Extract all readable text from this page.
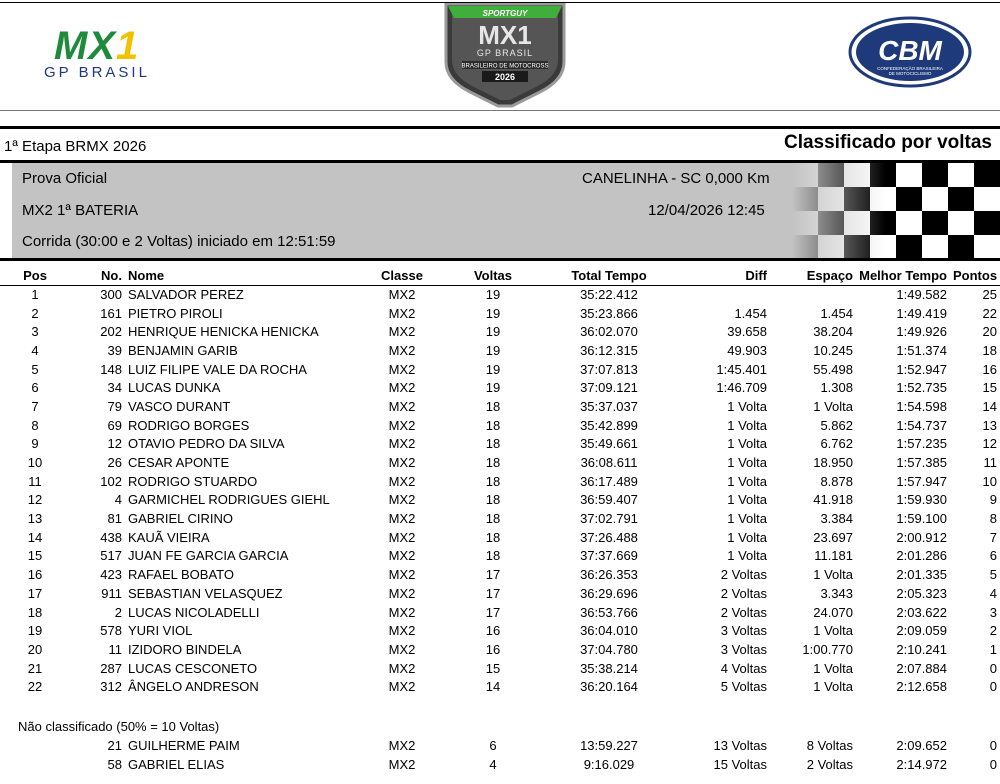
MX1
GP BRASIL
SPORTGUY
MX1
GP BRASIL
BRASILEIRO DE MOTOCROSS
2026
CBM
CONFEDERAÇÃO BRASILEIRA
DE MOTOCICLISMO
1ª Etapa BRMX 2026	Classificado por voltas
Prova Oficial	CANELINHA - SC 0,000 Km
MX2 1ª BATERIA	12/04/2026 12:45
Corrida (30:00 e 2 Voltas) iniciado em 12:51:59
Pos	No.	Nome	Classe	Voltas	Total Tempo	Diff	Espaço	Melhor Tempo	Pontos
1	300	SALVADOR PEREZ	MX2	19	35:22.412			1:49.582	25
2	161	PIETRO PIROLI	MX2	19	35:23.866	1.454	1.454	1:49.419	22
3	202	HENRIQUE HENICKA HENICKA	MX2	19	36:02.070	39.658	38.204	1:49.926	20
4	39	BENJAMIN GARIB	MX2	19	36:12.315	49.903	10.245	1:51.374	18
5	148	LUIZ FILIPE VALE DA ROCHA	MX2	19	37:07.813	1:45.401	55.498	1:52.947	16
6	34	LUCAS DUNKA	MX2	19	37:09.121	1:46.709	1.308	1:52.735	15
7	79	VASCO DURANT	MX2	18	35:37.037	1 Volta	1 Volta	1:54.598	14
8	69	RODRIGO BORGES	MX2	18	35:42.899	1 Volta	5.862	1:54.737	13
9	12	OTAVIO PEDRO DA SILVA	MX2	18	35:49.661	1 Volta	6.762	1:57.235	12
10	26	CESAR APONTE	MX2	18	36:08.611	1 Volta	18.950	1:57.385	11
11	102	RODRIGO STUARDO	MX2	18	36:17.489	1 Volta	8.878	1:57.947	10
12	4	GARMICHEL RODRIGUES GIEHL	MX2	18	36:59.407	1 Volta	41.918	1:59.930	9
13	81	GABRIEL CIRINO	MX2	18	37:02.791	1 Volta	3.384	1:59.100	8
14	438	KAUÃ VIEIRA	MX2	18	37:26.488	1 Volta	23.697	2:00.912	7
15	517	JUAN FE GARCIA GARCIA	MX2	18	37:37.669	1 Volta	11.181	2:01.286	6
16	423	RAFAEL BOBATO	MX2	17	36:26.353	2 Voltas	1 Volta	2:01.335	5
17	911	SEBASTIAN VELASQUEZ	MX2	17	36:29.696	2 Voltas	3.343	2:05.323	4
18	2	LUCAS NICOLADELLI	MX2	17	36:53.766	2 Voltas	24.070	2:03.622	3
19	578	YURI VIOL	MX2	16	36:04.010	3 Voltas	1 Volta	2:09.059	2
20	11	IZIDORO BINDELA	MX2	16	37:04.780	3 Voltas	1:00.770	2:10.241	1
21	287	LUCAS CESCONETO	MX2	15	35:38.214	4 Voltas	1 Volta	2:07.884	0
22	312	ÂNGELO ANDRESON	MX2	14	36:20.164	5 Voltas	1 Volta	2:12.658	0
Não classificado (50% = 10 Voltas)
	21	GUILHERME PAIM	MX2	6	13:59.227	13 Voltas	8 Voltas	2:09.652	0
	58	GABRIEL ELIAS	MX2	4	9:16.029	15 Voltas	2 Voltas	2:14.972	0
